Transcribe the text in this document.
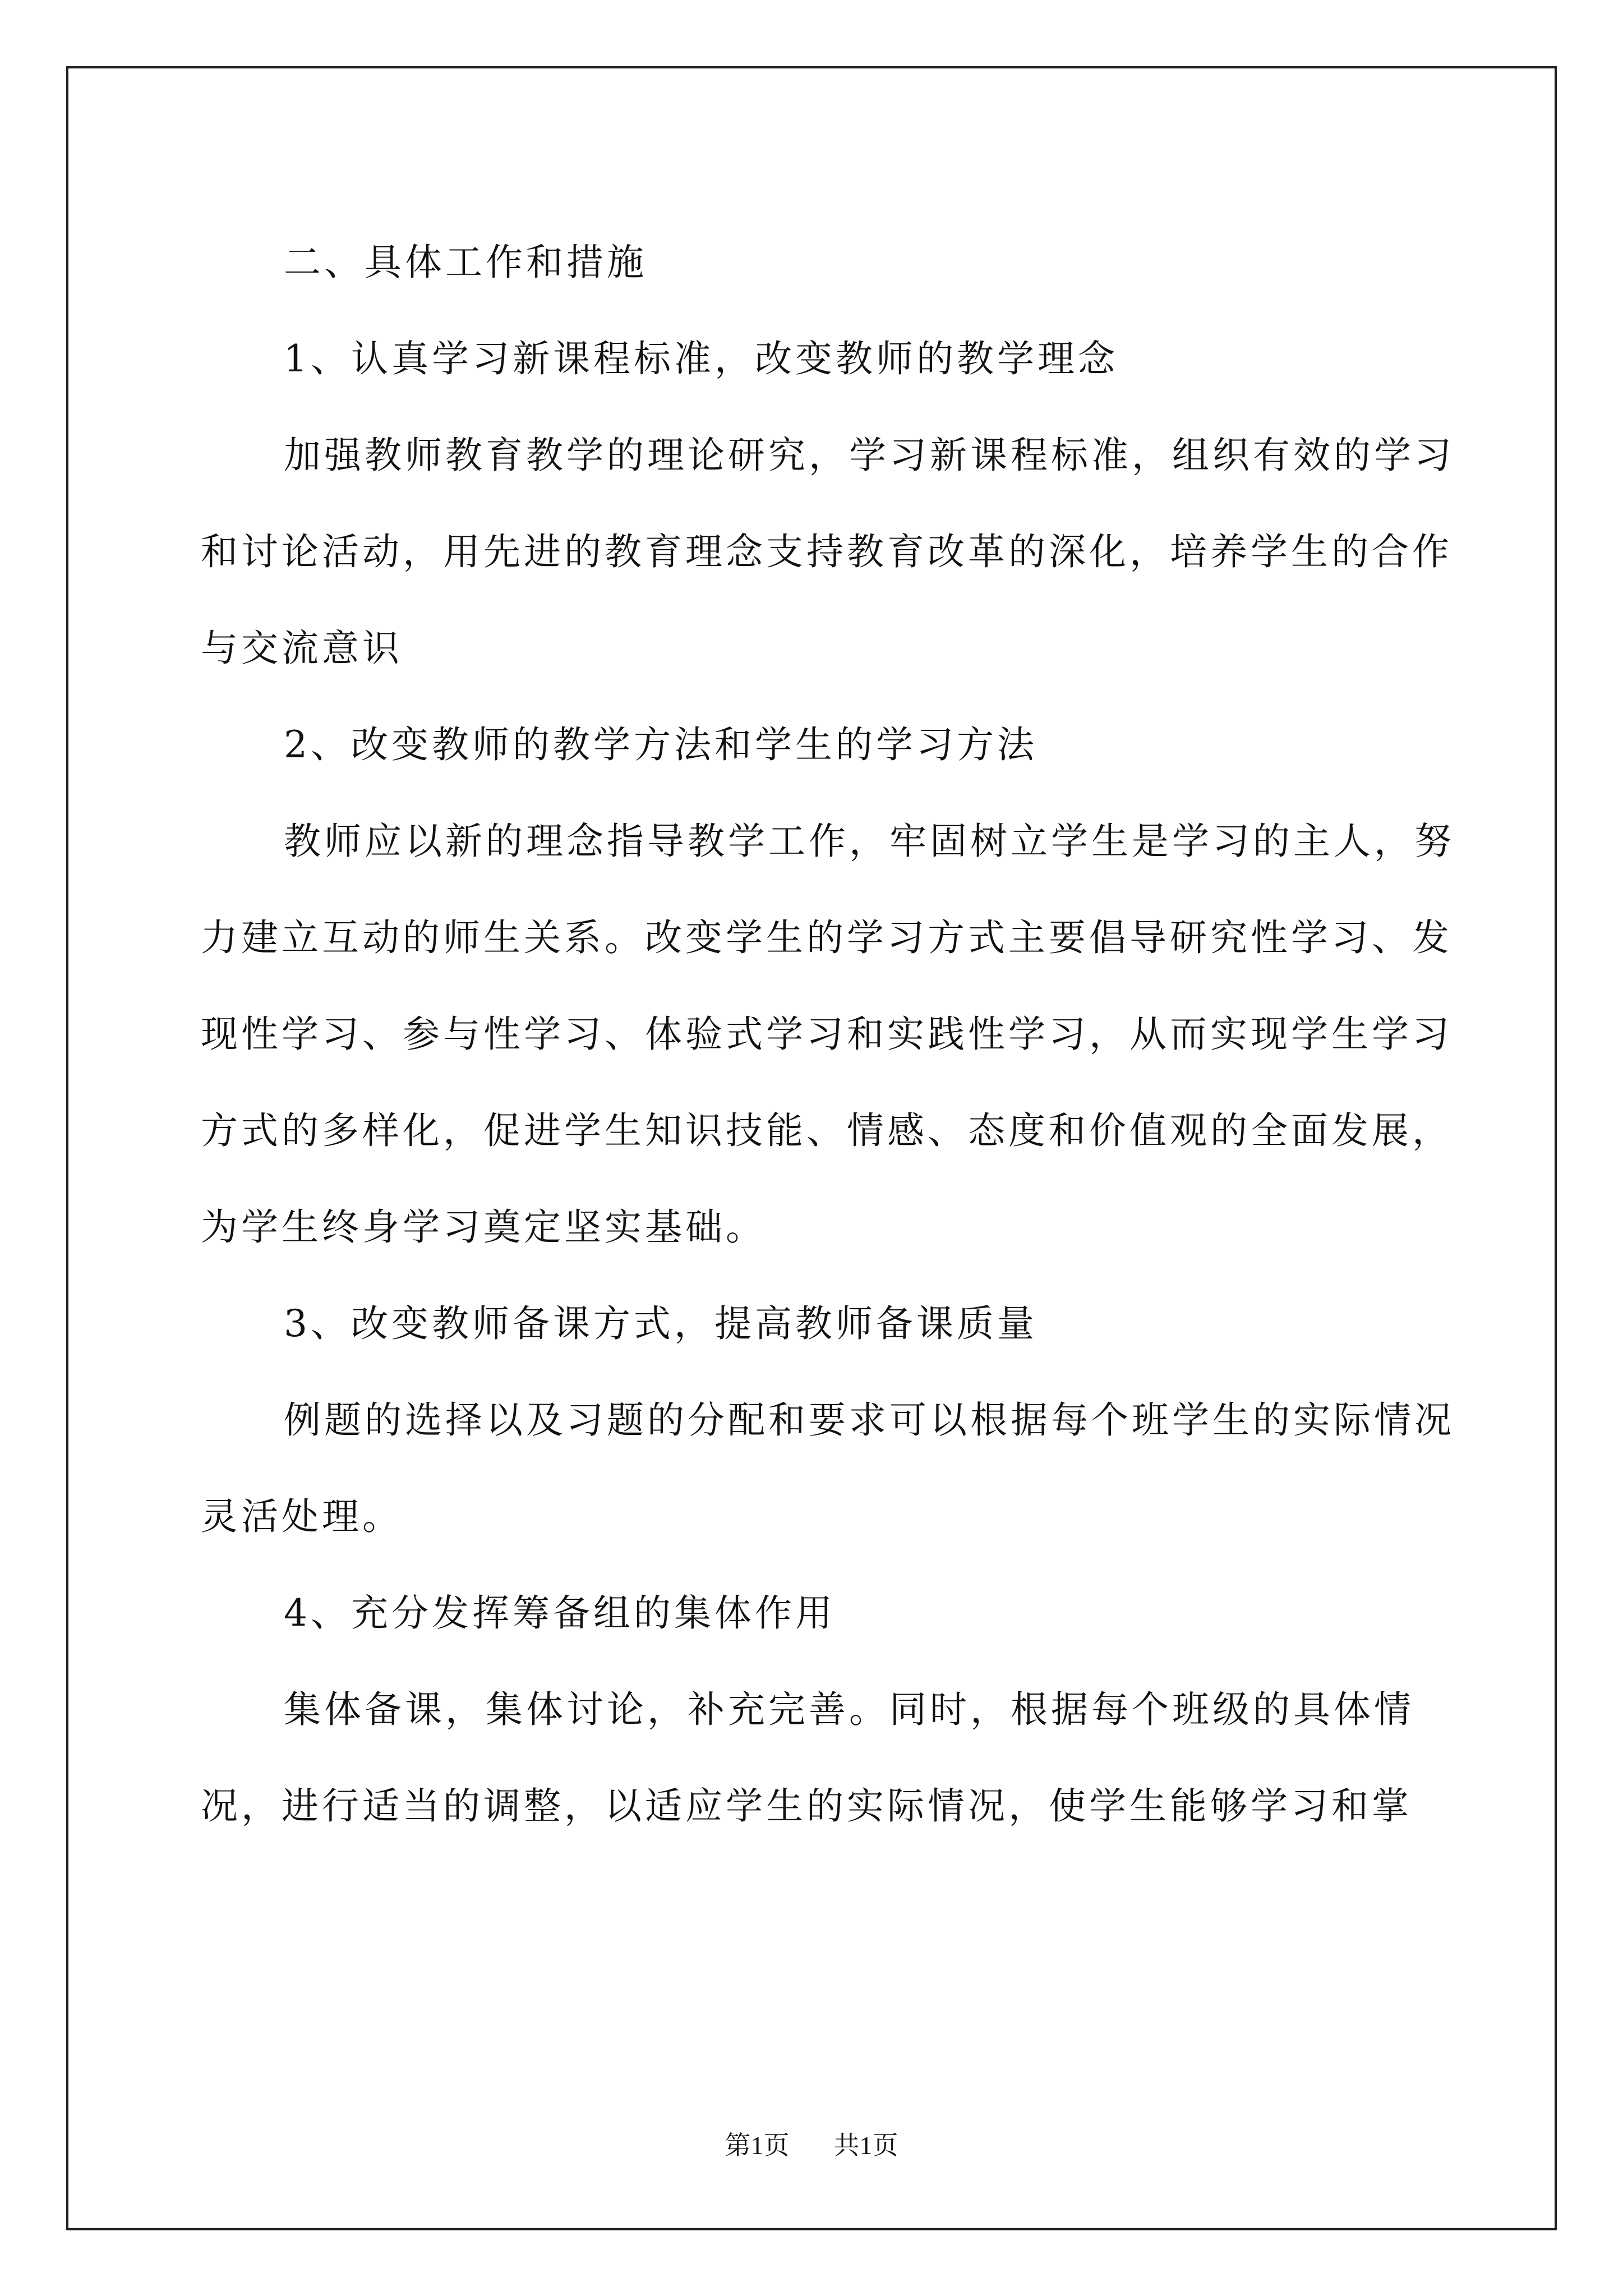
二、具体工作和措施

1、认真学习新课程标准，改变教师的教学理念

加强教师教育教学的理论研究，学习新课程标准，组织有效的学习和讨论活动，用先进的教育理念支持教育改革的深化，培养学生的合作与交流意识

2、改变教师的教学方法和学生的学习方法

教师应以新的理念指导教学工作，牢固树立学生是学习的主人，努力建立互动的师生关系。改变学生的学习方式主要倡导研究性学习、发现性学习、参与性学习、体验式学习和实践性学习，从而实现学生学习方式的多样化，促进学生知识技能、情感、态度和价值观的全面发展，为学生终身学习奠定坚实基础。

3、改变教师备课方式，提高教师备课质量

例题的选择以及习题的分配和要求可以根据每个班学生的实际情况灵活处理。

4、充分发挥筹备组的集体作用

集体备课，集体讨论，补充完善。同时，根据每个班级的具体情况，进行适当的调整，以适应学生的实际情况，使学生能够学习和掌

第1页 共1页
